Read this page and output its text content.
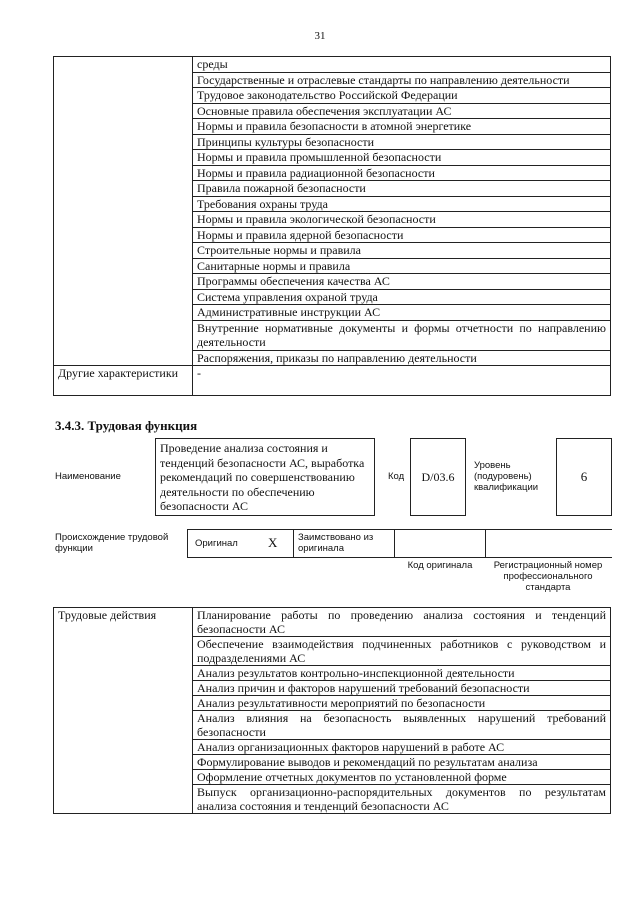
31
	среды
	Государственные и отраслевые стандарты по направлению деятельности
	Трудовое законодательство Российской Федерации
	Основные правила обеспечения эксплуатации АС
	Нормы и правила безопасности в атомной энергетике
	Принципы культуры безопасности
	Нормы и правила промышленной безопасности
	Нормы и правила радиационной безопасности
	Правила пожарной безопасности
	Требования охраны труда
	Нормы и правила экологической безопасности
	Нормы и правила ядерной безопасности
	Строительные нормы и правила
	Санитарные нормы и правила
	Программы обеспечения качества АС
	Система управления охраной труда
	Административные инструкции АС
	Внутренние нормативные документы и формы отчетности по направлению деятельности
	Распоряжения, приказы по направлению деятельности
Другие характеристики	-
3.4.3. Трудовая функция
Наименование
Проведение анализа состояния и тенденций безопасности АС, выработка рекомендаций по совершенствованию деятельности по обеспечению безопасности АС
Код	D/03.6
Уровень (подуровень) квалификации
6
Происхождение трудовой функции	Оригинал X Заимствовано из оригинала
Код оригинала	Регистрационный номер профессионального стандарта
Трудовые действия	Планирование работы по проведению анализа состояния и тенденций безопасности АС
Обеспечение взаимодействия подчиненных работников с руководством и подразделениями АС
Анализ результатов контрольно-инспекционной деятельности
Анализ причин и факторов нарушений требований безопасности
Анализ результативности мероприятий по безопасности
Анализ влияния на безопасность выявленных нарушений требований безопасности
Анализ организационных факторов нарушений в работе АС
Формулирование выводов и рекомендаций по результатам анализа
Оформление отчетных документов по установленной форме
Выпуск организационно-распорядительных документов по результатам анализа состояния и тенденций безопасности АС
